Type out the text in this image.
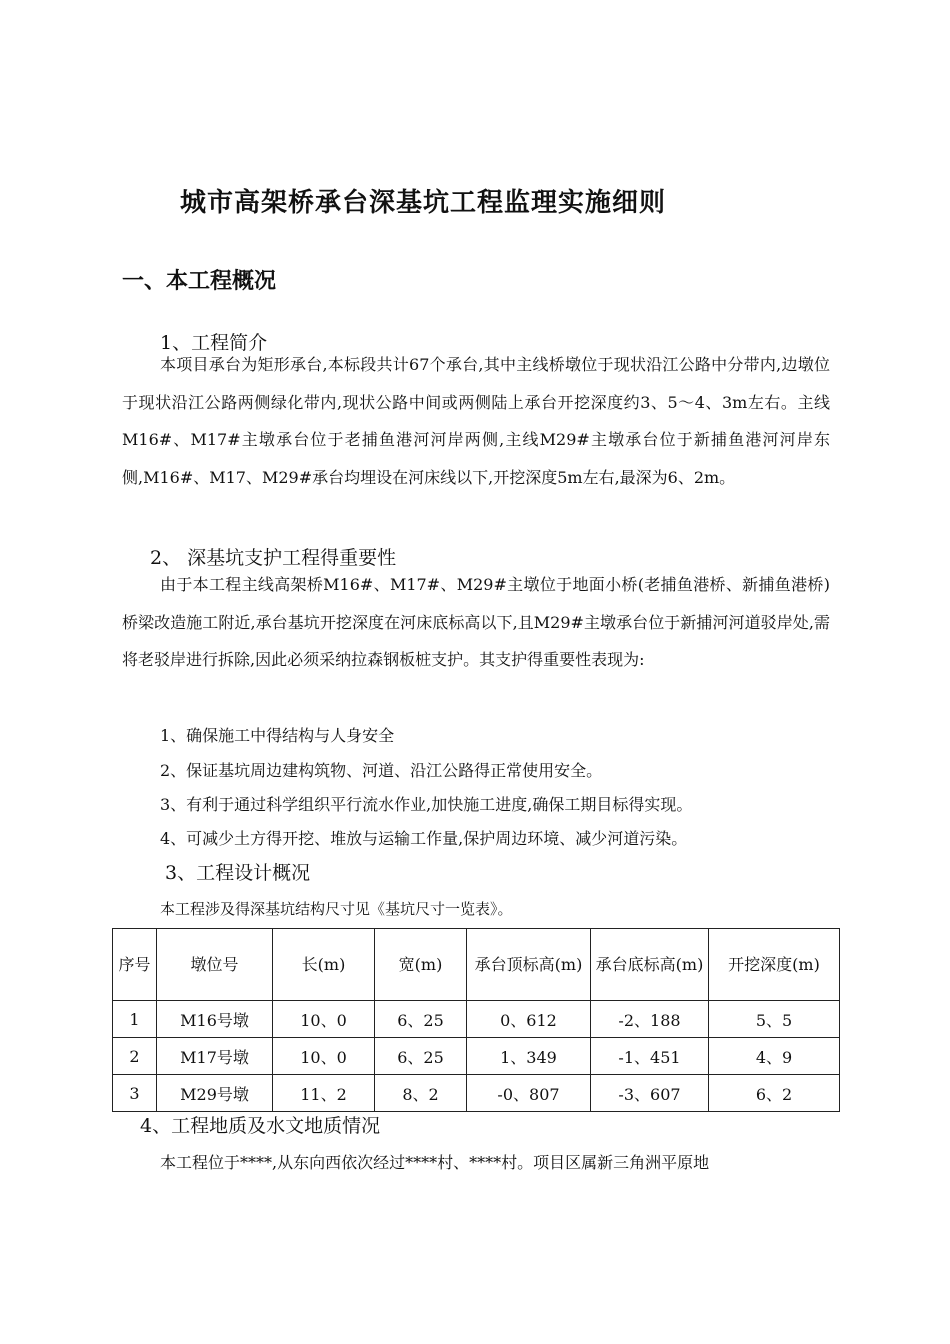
城市高架桥承台深基坑工程监理实施细则
一、本工程概况
1、工程简介
本项目承台为矩形承台,本标段共计67个承台,其中主线桥墩位于现状沿江公路中分带内,边墩位于现状沿江公路两侧绿化带内,现状公路中间或两侧陆上承台开挖深度约3、5～4、3m左右。主线M16#、M17#主墩承台位于老捕鱼港河河岸两侧,主线M29#主墩承台位于新捕鱼港河河岸东侧,M16#、M17、M29#承台均埋设在河床线以下,开挖深度5m左右,最深为6、2m。
2、 深基坑支护工程得重要性
由于本工程主线高架桥M16#、M17#、M29#主墩位于地面小桥(老捕鱼港桥、新捕鱼港桥)桥梁改造施工附近,承台基坑开挖深度在河床底标高以下,且M29#主墩承台位于新捕河河道驳岸处,需将老驳岸进行拆除,因此必须采纳拉森钢板桩支护。其支护得重要性表现为:
1、确保施工中得结构与人身安全
2、保证基坑周边建构筑物、河道、沿江公路得正常使用安全。
3、有利于通过科学组织平行流水作业,加快施工进度,确保工期目标得实现。
4、可减少土方得开挖、堆放与运输工作量,保护周边环境、减少河道污染。
3、工程设计概况
本工程涉及得深基坑结构尺寸见《基坑尺寸一览表》。
序号	墩位号	长(m)	宽(m)	承台顶标高(m)	承台底标高(m)	开挖深度(m)
1	M16号墩	10、0	6、25	0、612	-2、188	5、5
2	M17号墩	10、0	6、25	1、349	-1、451	4、9
3	M29号墩	11、2	8、2	-0、807	-3、607	6、2
4、工程地质及水文地质情况
本工程位于****,从东向西依次经过****村、****村。项目区属新三角洲平原地
